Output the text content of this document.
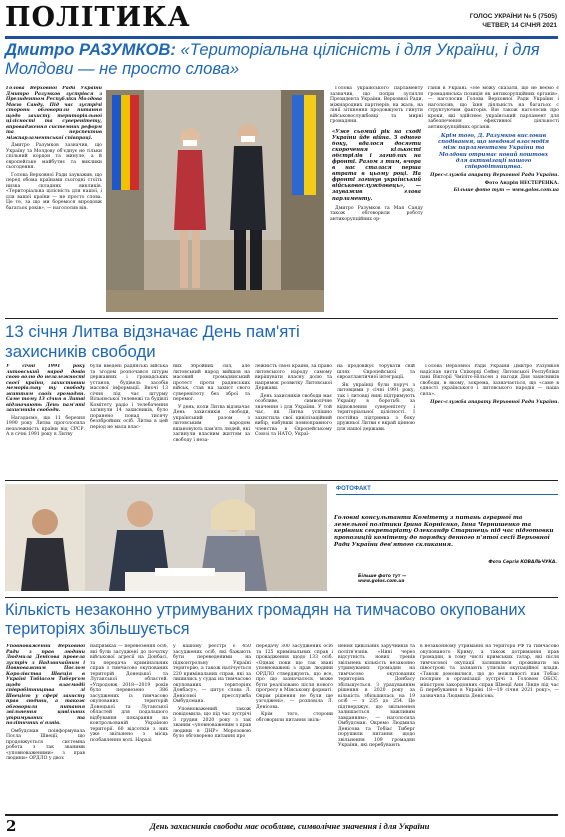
ПОЛІТИКА	ГОЛОС УКРАЇНИ № 5 (7505)
ЧЕТВЕР, 14 СІЧНЯ 2021
Дмитро РАЗУМКОВ: «Територіальна цілісність і для України, і для Молдови — не просто слова»

Голова Верховної Ради України Дмитро Разумков зустрівся з Президентом Республіки Молдова Маєю Санду. Під час зустрічі сторони обговорили питання щодо захисту територіальної цілісності та суверенітету, впровадження системних реформ та перспектив міжпарламентської співпраці.

Дмитро Разумков зазначив, що Україну та Молдову об'єднує не тільки спільний кордон та минуле, а й європейське майбутнє та виклики сьогодення.

Голова Верховної Ради зауважив, що перед обома країнами сьогодні стоїть низка складних викликів. «Територіальна цілісність для нашої, і для вашої країни — не просто слова. Це те, за що ми боремося впродовж багатьох років», — наголосив він.

Голова українського парламенту зазначив, що попри зусилля Президента України, Верховної Ради, міжнародних партнерів, на жаль, на лінії зіткнення продовжують гинути військовослужбовці та мирні громадяни.

«Уже сьомий рік на сході України йде війна. З одного боку, вдалося досягти скорочення кількості обстрілів і загиблих на фронті. Разом з тим, вчора в нас сталася перша втрата в цьому році. На фронті загинув український військовослужбовець», — зауважив глава парламенту.

Дмитро Разумков та Мая Санду також обговорили роботу антикорупційних ор-

ганів в Україні. «Не можу сказати, що не веємо є громадянська позиція як антикорупційних органів», — наголосив Голова Верховної Ради України і наголосив, що їхня діяльність на багатьох с структуючим факторів. Він також наголосив про кроки, які здійснює український парламент для забезпечення ефективної діяльності антикорупційних органів.

Крім того, Д. Разумков висловив сподівання, що невдовзі взаємодія між парламентами України та Молдови отримає новий поштовх для активізації нашого співробітництва.

Прес-служба апарату Верховної Ради України.

Фото Андрія НЕСТЕРЕНКА.

Більше фото тут — www.golos.com.ua

13 січня Литва відзначає День пам'яті захисників свободи

У січні 1991 року литовський народ довів свою волю до незалежності своєї країни, захистивши меморіальну ту свободу життям своїх громадян. Саме тому 13 січня в Литві відзначають День пам'яті захисників свободи.

Нагадаємо, що 11 березня 1990 року Литва проголосила незалежність країни від СРСР. А в січні 1991 року в Литву

були введені радянські війська та згодом розпочався штурм державних і громадських установ, будівель засобів масової інформації. Вночі 13 січня під час штурму Вільнюської телевежі та будівлі Комітету радіо і телебачення загинули 14 захисників, було поранено понад тисячу беззбройних осіб. Литва в цей період не мала влас-

них збройних сил, але литовський народ вийшов на масовий громадянський протест проти радянських військ, став на захист свого суверенітету без зброї та перемог.

У день, коли Литва відзначає День захисників свободи, український разом з литовським народом вшановують пам'ять людей, які загинули власним життям за свободу і неза-

лежність своєї країни, за право литовського народу самому вирішувати власну долю та напрямок розвитку Литовської Держави.

День захисників свободи має особливе, символічне значення і для України. У той час, як Литва успішно захистила свої цивілізаційний вибір, набувши повноправного членства в Європейському Союзі та НАТО, Украї-

на продовжує торувати свій шлях Європейської та євроатлантичної інтеграції.

Як українці були поруч з литовцями у січні 1991 року, так і литовці нині підтримують Україну в боротьбі за відновлення суверенітету і територіальної цілісності. І постійна підтримка з боку дружньої Литви є вкрай цінною для нашої держави.

Голова Верховної Ради України Дмитро Разумков надіслав листа Спікерці Сейму Литовської Республіки пані Вікторії Чмілітє-Нільсен з нагоди Дня захисників свободи, в якому, зокрема, зазначається, що «саме в єдності українського і литовського народів — наша сила».

Прес-служба апарату Верховної Ради України.

ФОТОФАКТ
Головні консультанти Комітету з питань аграрної та земельної політики Ірина Корнієнко, Інна Чернишенко та керівник секретаріату Олександр Старинець під час підготовки пропозицій комітету до порядку денного п'ятої сесії Верховної Ради України дев'ятого скликання.
Фото Сергія КОВАЛЬЧУКА.
Більше фото тут — www.golos.com.ua
Кількість незаконно утримуваних громадян на тимчасово окупованих територіях збільшується

Уповноважений Верховної Ради з прав людини Людмила Денісова провела зустріч з Надзвичайним і Повноважним Послом Королівства Швеція в Україні Тобіасом Тиберґом щодо взаємодії співробітництва зі Швецією у сфері захисту прав людини, а також обговорили питання звільнення цивільних утримуваних та політичних в'язнів.

Омбудсман поінформувала Посла Швеції, що продовжується системна робота з так званими «уповноваженими» з прав людини» ОРДЛО у двох

напрямках — перевезення осіб, які були засуджені до початку військової агресії на Донбасі, та передача кримінальних справ з тимчасово окупованих територій Донецької та Луганської областей. «Упродовж 2018—2019 років було перевезено 386 засуджених із тимчасово окупованих територій Донецької та Луганської областей для подальшого відбування покарання на контрольованій Україною території. 60 відсотків з них уже звільнено з місць позбавлення волі. Наразі

у нашому реєстрі є 450 засуджених осіб, які бажають бути переведеними на підконтрольну Україні територію, а також налічується 220 кримінальних справ, які за лишились у судах на тимчасово окупованих територіях Донбасу», — цитує слова Л. Денісової пресслужба Омбудсмана.

Уповноважений також повідомила, що під час зустрічі 3 грудня 2020 року з так званим «уповноваженим з прав людини в ДНР» Морозовою було обговорено питання про

передачу 300 засуджених осіб та 125 кримінальних справ і провадження щодо 133 осіб. «Однак поки що так звані уповноважені з прав людини ОРДЛО стверджують, що все, про що зазначалося, може бути реалізовано після нового прогресу в Мінському форматі. Окрім рішення не були ще узгоджені», — розповіла Л. Денісова.

Крім того, сторони обговорили питання звіль-

нення цивільних заручників та політв'язнів. «Нині через відсутність нових тренів звільнень кількість незаконно утримуваних громадян на тимчасово окупованих територіях Донбасу збільшується. З урахуванням рішення в 2020 року за кількість збільшилась на 19 осіб — з 235 до 254. Це підтверджує, що звільнення залишається важливим завданням», — наголосила Омбудсман. Окремо Людмила Денісова та Тобіас Тиберг порушили питання щодо звільнення 109 громадян України, які перебувають

в незаконному утриманні на території РФ та тимчасово окупованого Криму, а також дотримання прав громадян, в тому числі кримських татар, які після тимчасової окупації залишилися проживати на півострові та зазнають утисків окупаційної влади. «Також домовилися, що до можливості пан Тобіас поспріяє в організації зустрічі з Головою ОБСЄ, міністром закордонних справ Швеції Анн Лінде під час її перебування в Україні 18—19 січня 2021 року», — зазначила Людмила Денісова.

2	День захисників свободи має особливе, символічне значення і для України
